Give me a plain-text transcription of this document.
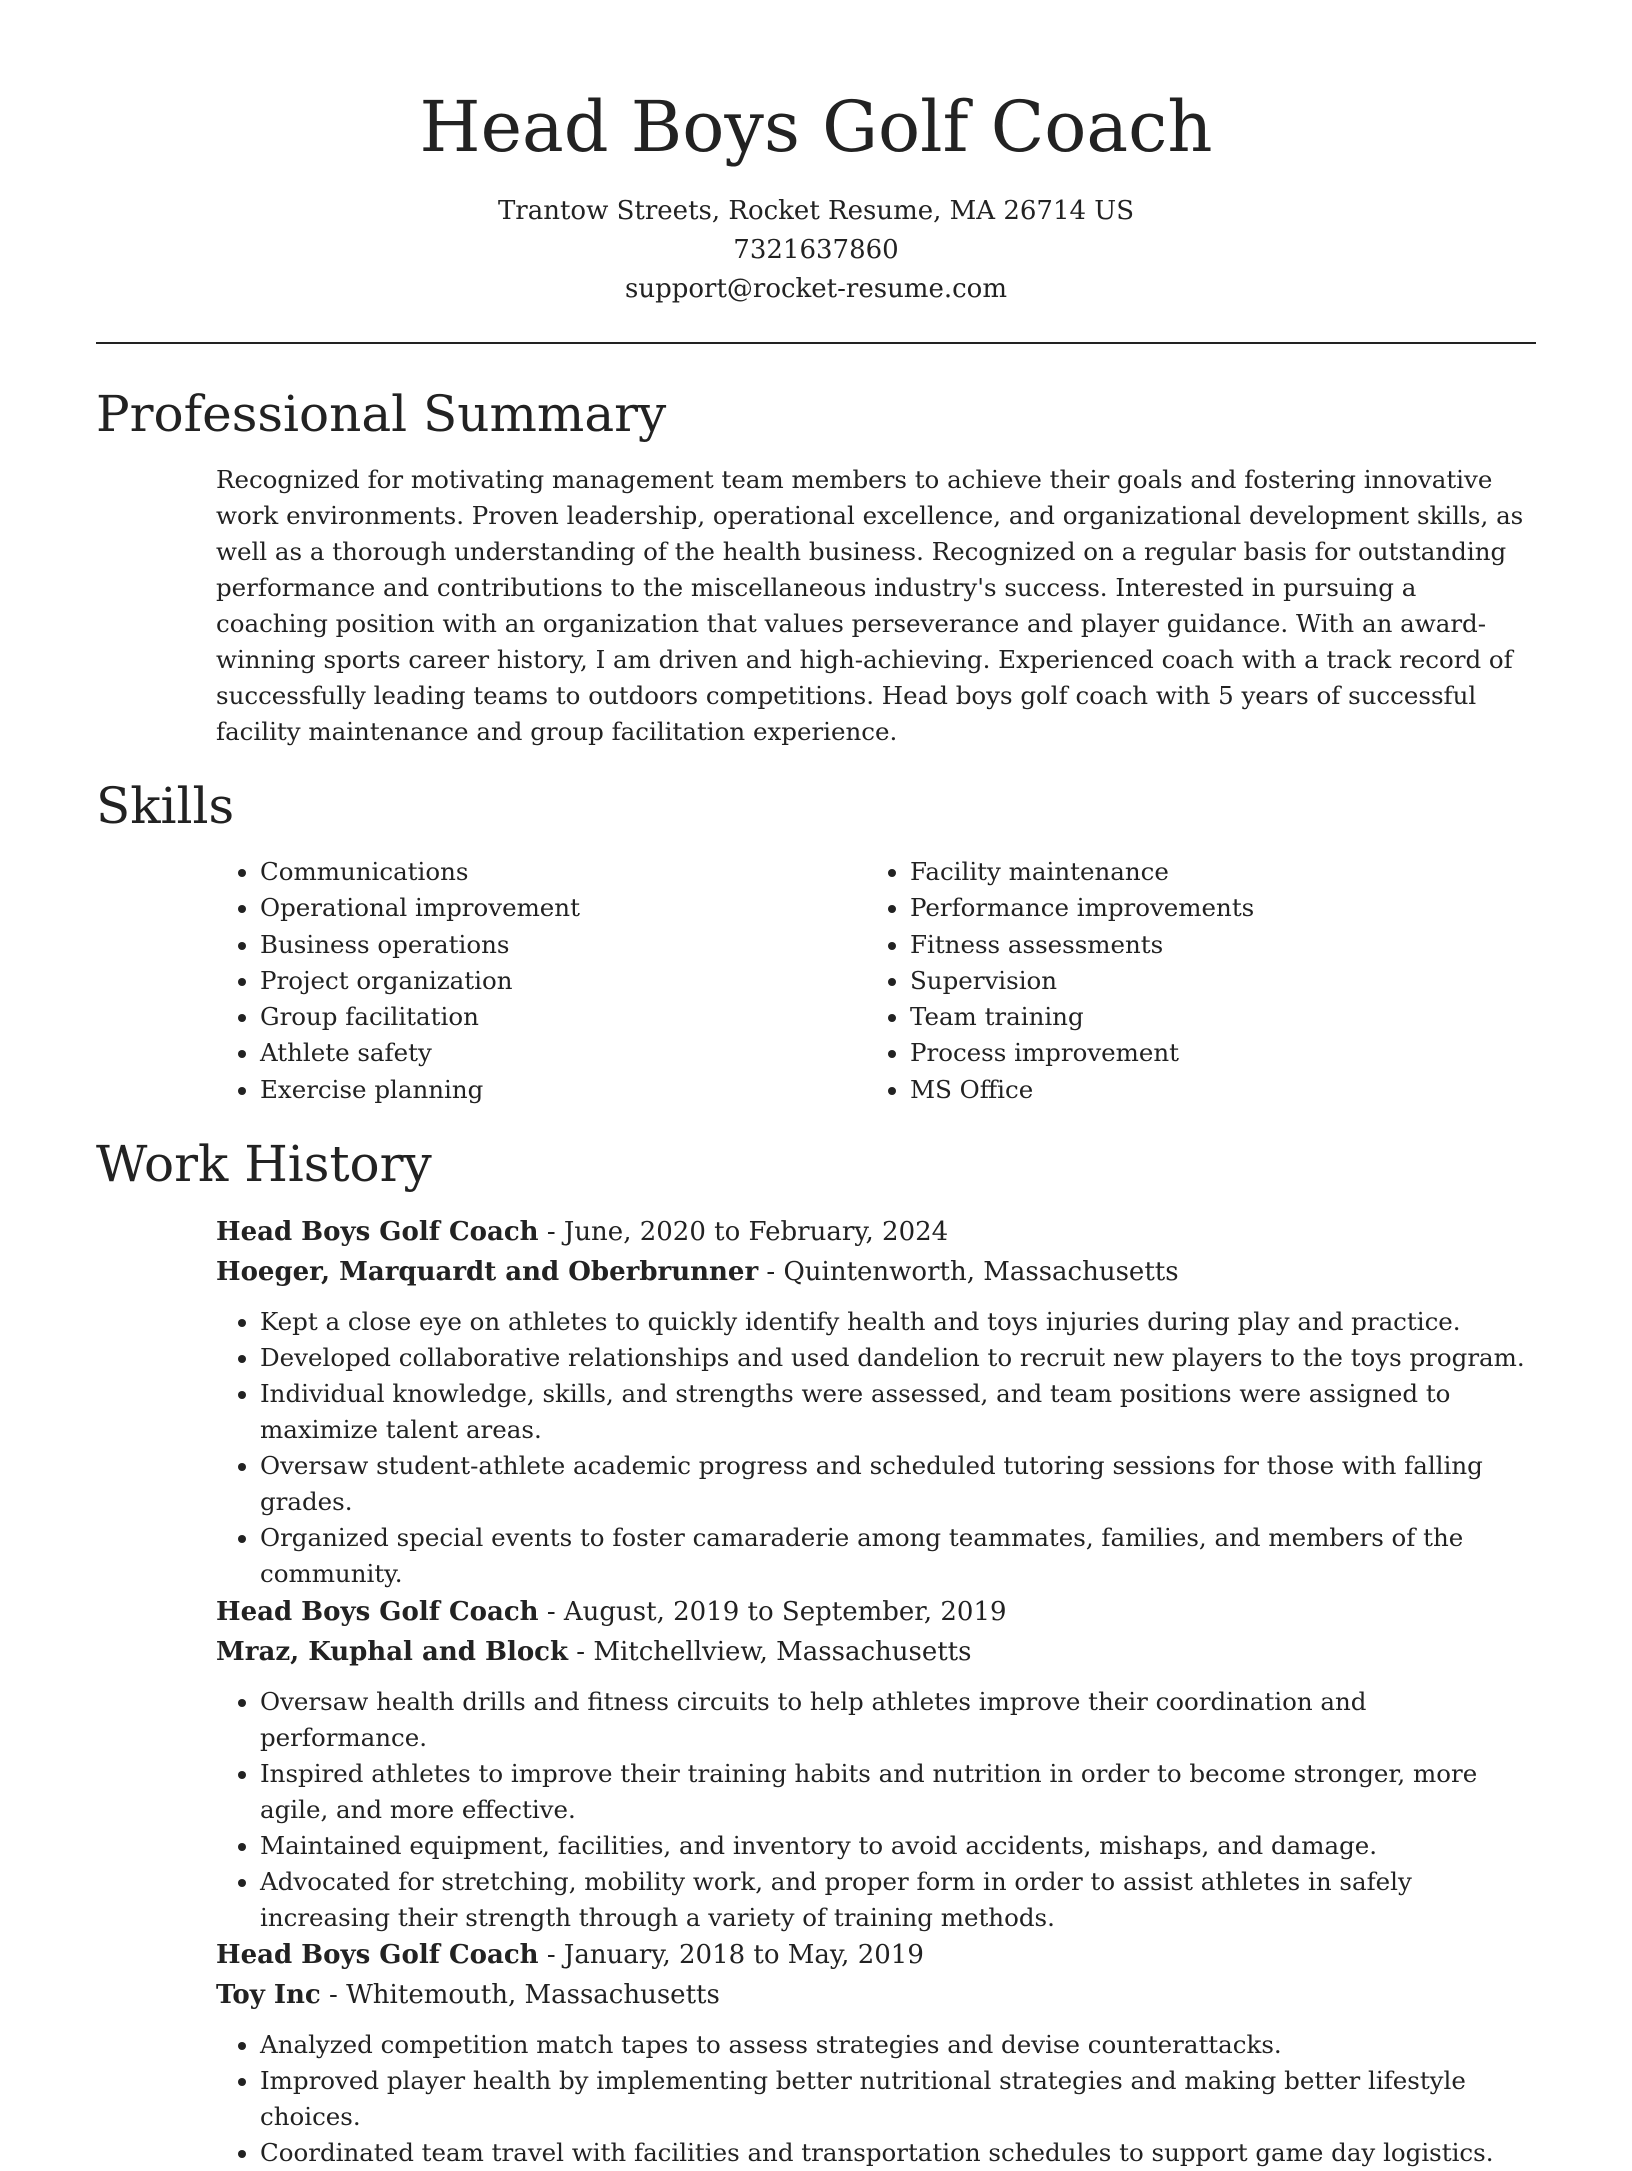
Head Boys Golf Coach
Trantow Streets, Rocket Resume, MA 26714 US
7321637860
support@rocket-resume.com
Professional Summary

Recognized for motivating management team members to achieve their goals and fostering innovative work environments. Proven leadership, operational excellence, and organizational development skills, as well as a thorough understanding of the health business. Recognized on a regular basis for outstanding performance and contributions to the miscellaneous industry's success. Interested in pursuing a coaching position with an organization that values perseverance and player guidance. With an award-winning sports career history, I am driven and high-achieving. Experienced coach with a track record of successfully leading teams to outdoors competitions. Head boys golf coach with 5 years of successful facility maintenance and group facilitation experience.

Skills
• Communications
• Operational improvement
• Business operations
• Project organization
• Group facilitation
• Athlete safety
• Exercise planning
• Facility maintenance
• Performance improvements
• Fitness assessments
• Supervision
• Team training
• Process improvement
• MS Office
Work History
Head Boys Golf Coach - June, 2020 to February, 2024
Hoeger, Marquardt and Oberbrunner - Quintenworth, Massachusetts
• Kept a close eye on athletes to quickly identify health and toys injuries during play and practice.
• Developed collaborative relationships and used dandelion to recruit new players to the toys program.
• Individual knowledge, skills, and strengths were assessed, and team positions were assigned to maximize talent areas.
• Oversaw student-athlete academic progress and scheduled tutoring sessions for those with falling grades.
• Organized special events to foster camaraderie among teammates, families, and members of the community.
Head Boys Golf Coach - August, 2019 to September, 2019
Mraz, Kuphal and Block - Mitchellview, Massachusetts
• Oversaw health drills and fitness circuits to help athletes improve their coordination and performance.
• Inspired athletes to improve their training habits and nutrition in order to become stronger, more agile, and more effective.
• Maintained equipment, facilities, and inventory to avoid accidents, mishaps, and damage.
• Advocated for stretching, mobility work, and proper form in order to assist athletes in safely increasing their strength through a variety of training methods.
Head Boys Golf Coach - January, 2018 to May, 2019
Toy Inc - Whitemouth, Massachusetts
• Analyzed competition match tapes to assess strategies and devise counterattacks.
• Improved player health by implementing better nutritional strategies and making better lifestyle choices.
• Coordinated team travel with facilities and transportation schedules to support game day logistics.
